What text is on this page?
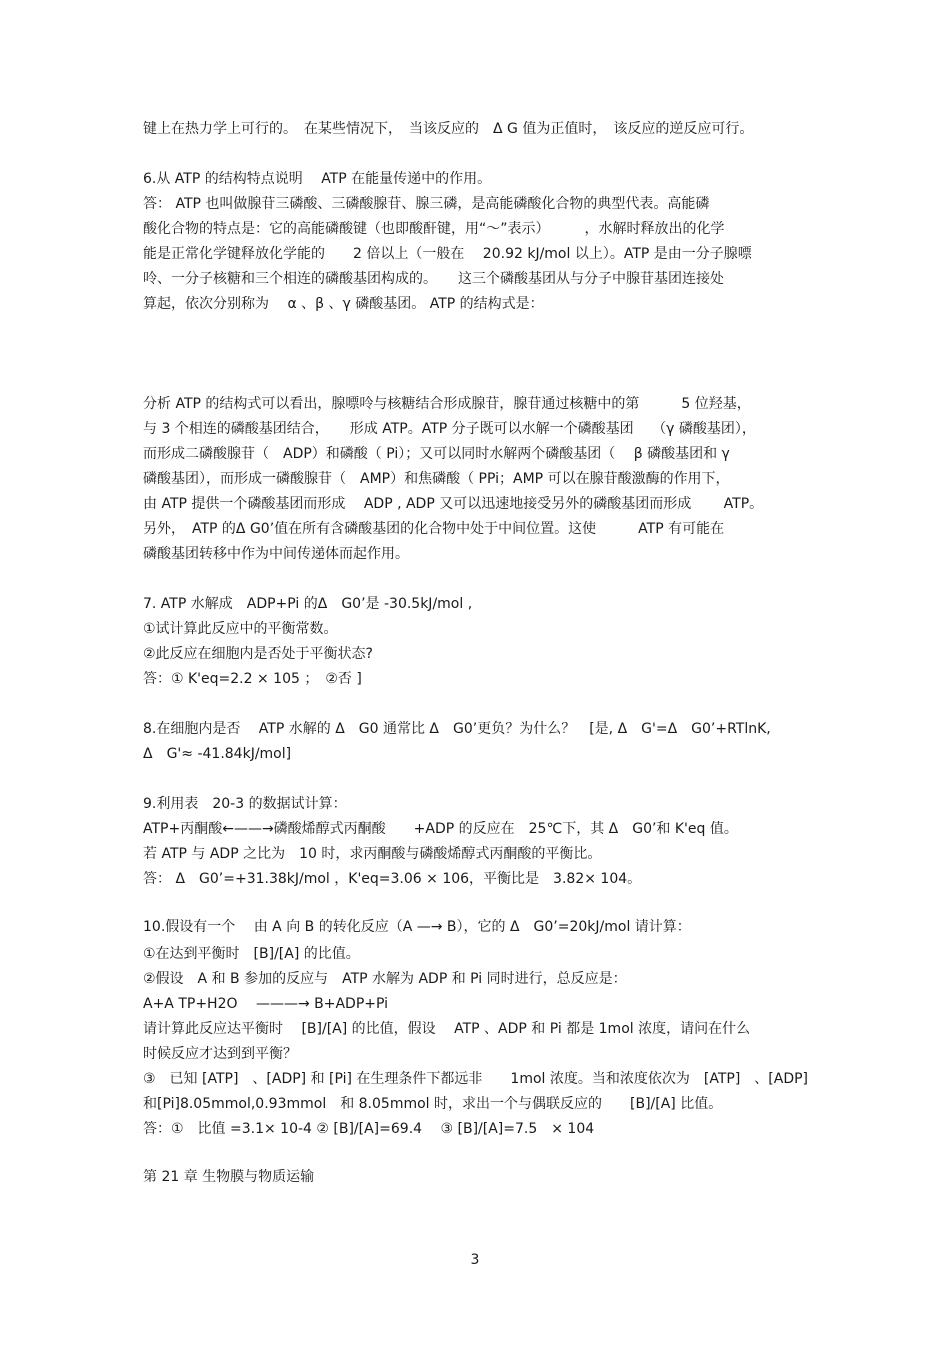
键上在热力学上可行的。　在某些情况下，　当该反应的　Δ G 值为正值时，　该反应的逆反应可行。
6.从 ATP 的结构特点说明　 ATP 在能量传递中的作用。
答： ATP 也叫做腺苷三磷酸、三磷酸腺苷、腺三磷，是高能磷酸化合物的典型代表。高能磷
酸化合物的特点是：它的高能磷酸键（也即酸酐键，用“～”表示）　　　，水解时释放出的化学
能是正常化学键释放化学能的　　2 倍以上（一般在　 20.92 kJ/mol 以上）。ATP 是由一分子腺嘌
呤、一分子核糖和三个相连的磷酸基团构成的。　　这三个磷酸基团从与分子中腺苷基团连接处
算起，依次分别称为　 α 、β 、γ 磷酸基团。 ATP 的结构式是：
分析 ATP 的结构式可以看出，腺嘌呤与核糖结合形成腺苷，腺苷通过核糖中的第　　　5 位羟基，
与 3 个相连的磷酸基团结合，　　形成 ATP。ATP 分子既可以水解一个磷酸基团　 （γ 磷酸基团），
而形成二磷酸腺苷（　ADP）和磷酸（ Pi）；又可以同时水解两个磷酸基团（　 β 磷酸基团和 γ
磷酸基团），而形成一磷酸腺苷（　AMP）和焦磷酸（ PPi；AMP 可以在腺苷酸激酶的作用下，
由 ATP 提供一个磷酸基团而形成　 ADP , ADP 又可以迅速地接受另外的磷酸基团而形成　　 ATP。
另外，　ATP 的Δ G0’值在所有含磷酸基团的化合物中处于中间位置。这使　　　ATP 有可能在
磷酸基团转移中作为中间传递体而起作用。
7. ATP 水解成　ADP+Pi 的Δ　G0’是 -30.5kJ/mol ,
①试计算此反应中的平衡常数。
②此反应在细胞内是否处于平衡状态?
答：① K'eq=2.2 × 105 ；　②否 ]
8.在细胞内是否　 ATP 水解的 Δ　G0 通常比 Δ　G0’更负？为什么？　[是, Δ　G'=Δ　G0’+RTlnK,
Δ　G'≈ -41.84kJ/mol]
9.利用表　20-3 的数据试计算：
ATP+丙酮酸←——→磷酸烯醇式丙酮酸　　+ADP 的反应在　25℃下，其 Δ　G0’和 K'eq 值。
若 ATP 与 ADP 之比为　10 时，求丙酮酸与磷酸烯醇式丙酮酸的平衡比。
答： Δ　G0’=+31.38kJ/mol ，K'eq=3.06 × 106，平衡比是　3.82× 104。
10.假设有一个　 由 A 向 B 的转化反应（A —→ B），它的 Δ　G0’=20kJ/mol 请计算：
①在达到平衡时　[B]/[A] 的比值。
②假设　A 和 B 参加的反应与　ATP 水解为 ADP 和 Pi 同时进行，总反应是：
A+A TP+H2O　 ———→ B+ADP+Pi
请计算此反应达平衡时　 [B]/[A] 的比值，假设　 ATP 、ADP 和 Pi 都是 1mol 浓度，请问在什么
时候反应才达到到平衡？
③　已知 [ATP]　、[ADP] 和 [Pi] 在生理条件下都远非　　1mol 浓度。当和浓度依次为　[ATP]　、[ADP]
和[Pi]8.05mmol,0.93mmol　和 8.05mmol 时，求出一个与偶联反应的　　[B]/[A] 比值。
答：①　比值 =3.1× 10-4 ② [B]/[A]=69.4　 ③ [B]/[A]=7.5　× 104
第 21 章 生物膜与物质运输
3
